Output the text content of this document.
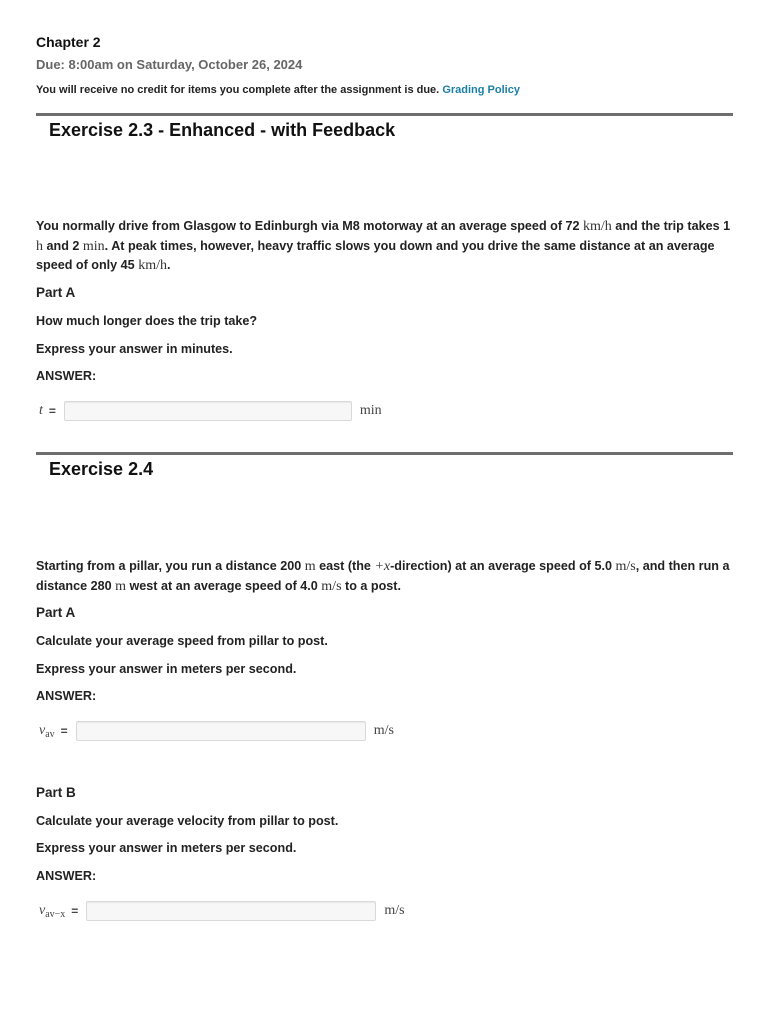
Chapter 2
Due: 8:00am on Saturday, October 26, 2024
You will receive no credit for items you complete after the assignment is due. Grading Policy
Exercise 2.3 - Enhanced - with Feedback
You normally drive from Glasgow to Edinburgh via M8 motorway at an average speed of 72 km/h and the trip takes 1 h and 2 min. At peak times, however, heavy traffic slows you down and you drive the same distance at an average speed of only 45 km/h.
Part A
How much longer does the trip take?
Express your answer in minutes.
ANSWER:
t =	min
Exercise 2.4
Starting from a pillar, you run a distance 200 m east (the +x-direction) at an average speed of 5.0 m/s, and then run a distance 280 m west at an average speed of 4.0 m/s to a post.
Part A
Calculate your average speed from pillar to post.
Express your answer in meters per second.
ANSWER:
$v_{av}$ =	m/s
Part B
Calculate your average velocity from pillar to post.
Express your answer in meters per second.
ANSWER:
$v_{av-x}$ =	m/s
